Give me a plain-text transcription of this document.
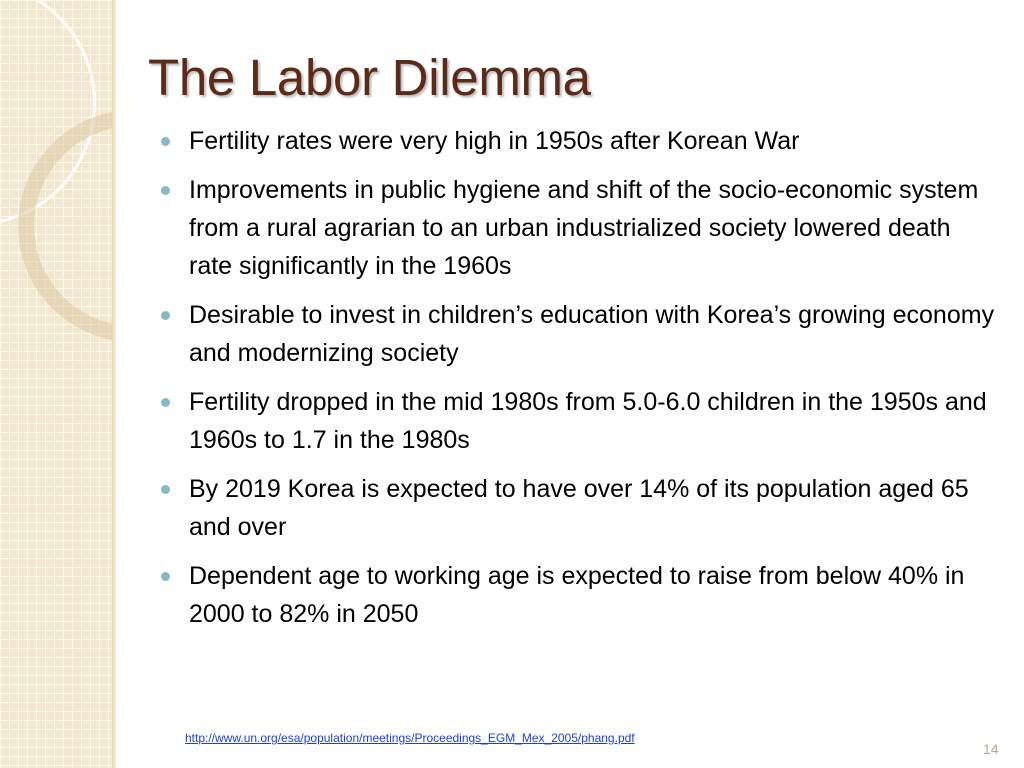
The Labor Dilemma
Fertility rates were very high in 1950s after Korean War
Improvements in public hygiene and shift of the socio-economic system from a rural agrarian to an urban industrialized society lowered death rate significantly in the 1960s
Desirable to invest in children’s education with Korea’s growing economy and modernizing society
Fertility dropped in the mid 1980s from 5.0-6.0 children in the 1950s and 1960s to 1.7 in the 1980s
By 2019 Korea is expected to have over 14% of its population aged 65 and over
Dependent age to working age is expected to raise from below 40% in 2000 to 82% in 2050
http://www.un.org/esa/population/meetings/Proceedings_EGM_Mex_2005/phang.pdf
14
